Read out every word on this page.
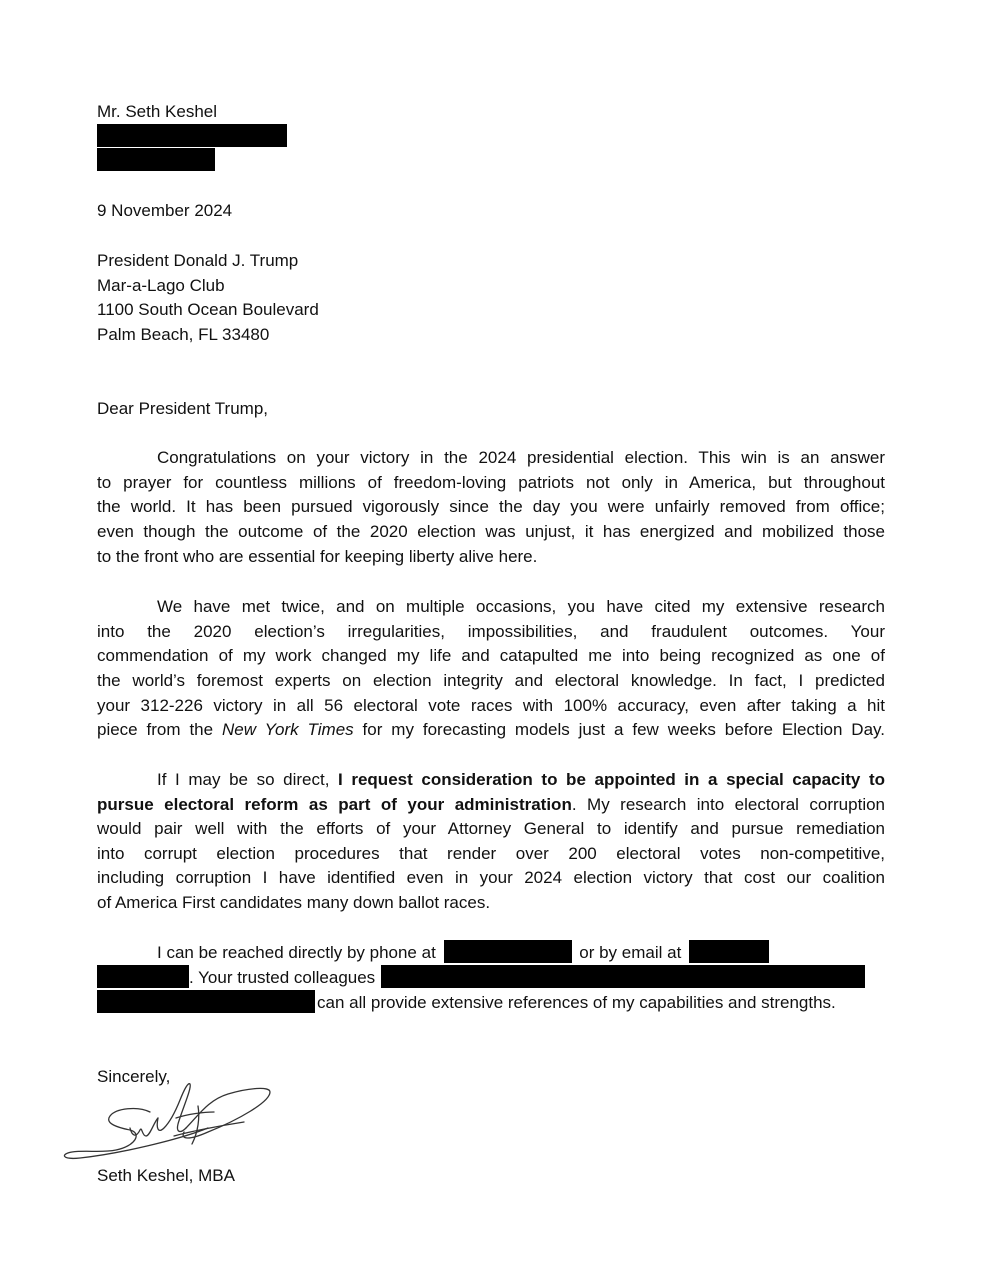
Mr. Seth Keshel
9 November 2024
President Donald J. Trump
Mar-a-Lago Club
1100 South Ocean Boulevard
Palm Beach, FL 33480
Dear President Trump,
Congratulations on your victory in the 2024 presidential election. This win is an answer
to prayer for countless millions of freedom-loving patriots not only in America, but throughout
the world. It has been pursued vigorously since the day you were unfairly removed from office;
even though the outcome of the 2020 election was unjust, it has energized and mobilized those
to the front who are essential for keeping liberty alive here.
We have met twice, and on multiple occasions, you have cited my extensive research
into the 2020 election’s irregularities, impossibilities, and fraudulent outcomes. Your
commendation of my work changed my life and catapulted me into being recognized as one of
the world’s foremost experts on election integrity and electoral knowledge. In fact, I predicted
your 312-226 victory in all 56 electoral vote races with 100% accuracy, even after taking a hit
piece from the New York Times for my forecasting models just a few weeks before Election Day.
If I may be so direct, I request consideration to be appointed in a special capacity to
pursue electoral reform as part of your administration. My research into electoral corruption
would pair well with the efforts of your Attorney General to identify and pursue remediation
into corrupt election procedures that render over 200 electoral votes non-competitive,
including corruption I have identified even in your 2024 election victory that cost our coalition
of America First candidates many down ballot races.
I can be reached directly by phone at	or by email at
. Your trusted colleagues
can all provide extensive references of my capabilities and strengths.
Sincerely,
Seth Keshel, MBA
